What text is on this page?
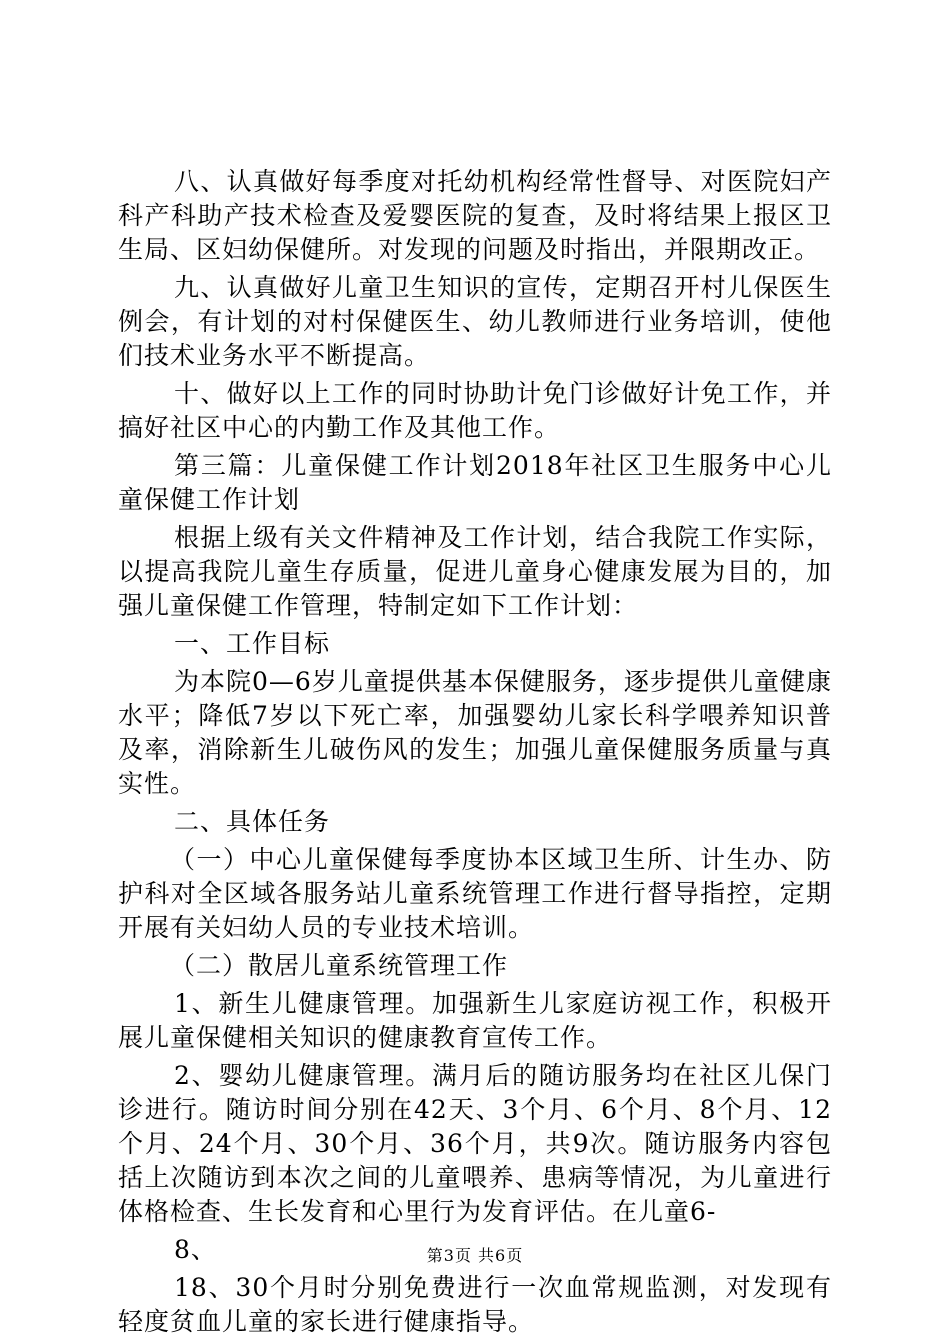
八、认真做好每季度对托幼机构经常性督导、对医院妇产科产科助产技术检查及爱婴医院的复查，及时将结果上报区卫生局、区妇幼保健所。对发现的问题及时指出，并限期改正。

九、认真做好儿童卫生知识的宣传，定期召开村儿保医生例会，有计划的对村保健医生、幼儿教师进行业务培训，使他们技术业务水平不断提高。

十、做好以上工作的同时协助计免门诊做好计免工作，并搞好社区中心的内勤工作及其他工作。

第三篇：儿童保健工作计划2018年社区卫生服务中心儿童保健工作计划

根据上级有关文件精神及工作计划，结合我院工作实际，以提高我院儿童生存质量，促进儿童身心健康发展为目的，加强儿童保健工作管理，特制定如下工作计划：

一、工作目标

为本院0—6岁儿童提供基本保健服务，逐步提供儿童健康水平；降低7岁以下死亡率，加强婴幼儿家长科学喂养知识普及率，消除新生儿破伤风的发生；加强儿童保健服务质量与真实性。

二、具体任务

（一）中心儿童保健每季度协本区域卫生所、计生办、防护科对全区域各服务站儿童系统管理工作进行督导指控，定期开展有关妇幼人员的专业技术培训。

（二）散居儿童系统管理工作

1、新生儿健康管理。加强新生儿家庭访视工作，积极开展儿童保健相关知识的健康教育宣传工作。

2、婴幼儿健康管理。满月后的随访服务均在社区儿保门诊进行。随访时间分别在42天、3个月、6个月、8个月、12个月、24个月、30个月、36个月，共9次。随访服务内容包括上次随访到本次之间的儿童喂养、患病等情况，为儿童进行体格检查、生长发育和心里行为发育评估。在儿童6-

8、

18、30个月时分别免费进行一次血常规监测，对发现有轻度贫血儿童的家长进行健康指导。

第3页 共6页
